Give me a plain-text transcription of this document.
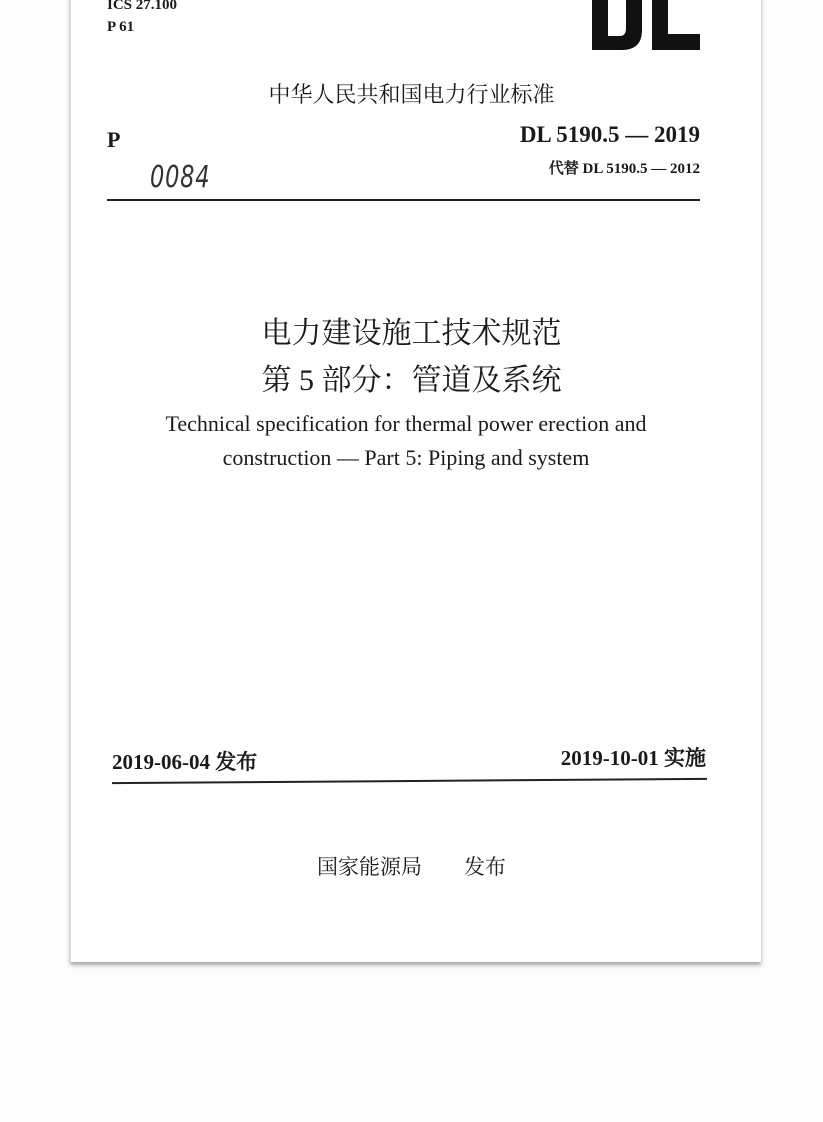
ICS 27.100
P 61
中华人民共和国电力行业标准
P	DL 5190.5 — 2019
代替 DL 5190.5 — 2012
0084
电力建设施工技术规范
第 5 部分：管道及系统
Technical specification for thermal power erection and
construction — Part 5: Piping and system
2019-06-04 发布	2019-10-01 实施
国家能源局　　发布
